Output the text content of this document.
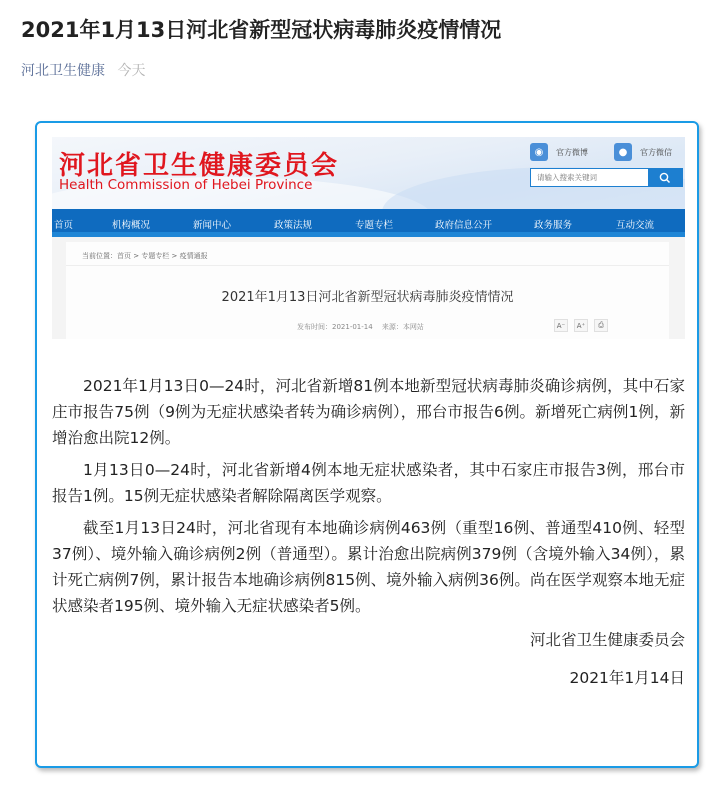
2021年1月13日河北省新型冠状病毒肺炎疫情情况
河北卫生健康 今天
河北省卫生健康委员会
Health Commission of Hebei Province
◉	官方微博	●	官方微信
请输入搜索关键词
首页	机构概况	新闻中心	政策法规	专题专栏	政府信息公开	政务服务	互动交流
当前位置：首页 > 专题专栏 > 疫情通报
2021年1月13日河北省新型冠状病毒肺炎疫情情况
发布时间：2021-01-14　 来源：本网站	A⁻	A⁺	⎙

2021年1月13日0—24时，河北省新增81例本地新型冠状病毒肺炎确诊病例，其中石家庄市报告75例（9例为无症状感染者转为确诊病例），邢台市报告6例。新增死亡病例1例，新增治愈出院12例。

1月13日0—24时，河北省新增4例本地无症状感染者，其中石家庄市报告3例，邢台市报告1例。15例无症状感染者解除隔离医学观察。

截至1月13日24时，河北省现有本地确诊病例463例（重型16例、普通型410例、轻型37例）、境外输入确诊病例2例（普通型）。累计治愈出院病例379例（含境外输入34例），累计死亡病例7例，累计报告本地确诊病例815例、境外输入病例36例。尚在医学观察本地无症状感染者195例、境外输入无症状感染者5例。

河北省卫生健康委员会

2021年1月14日
